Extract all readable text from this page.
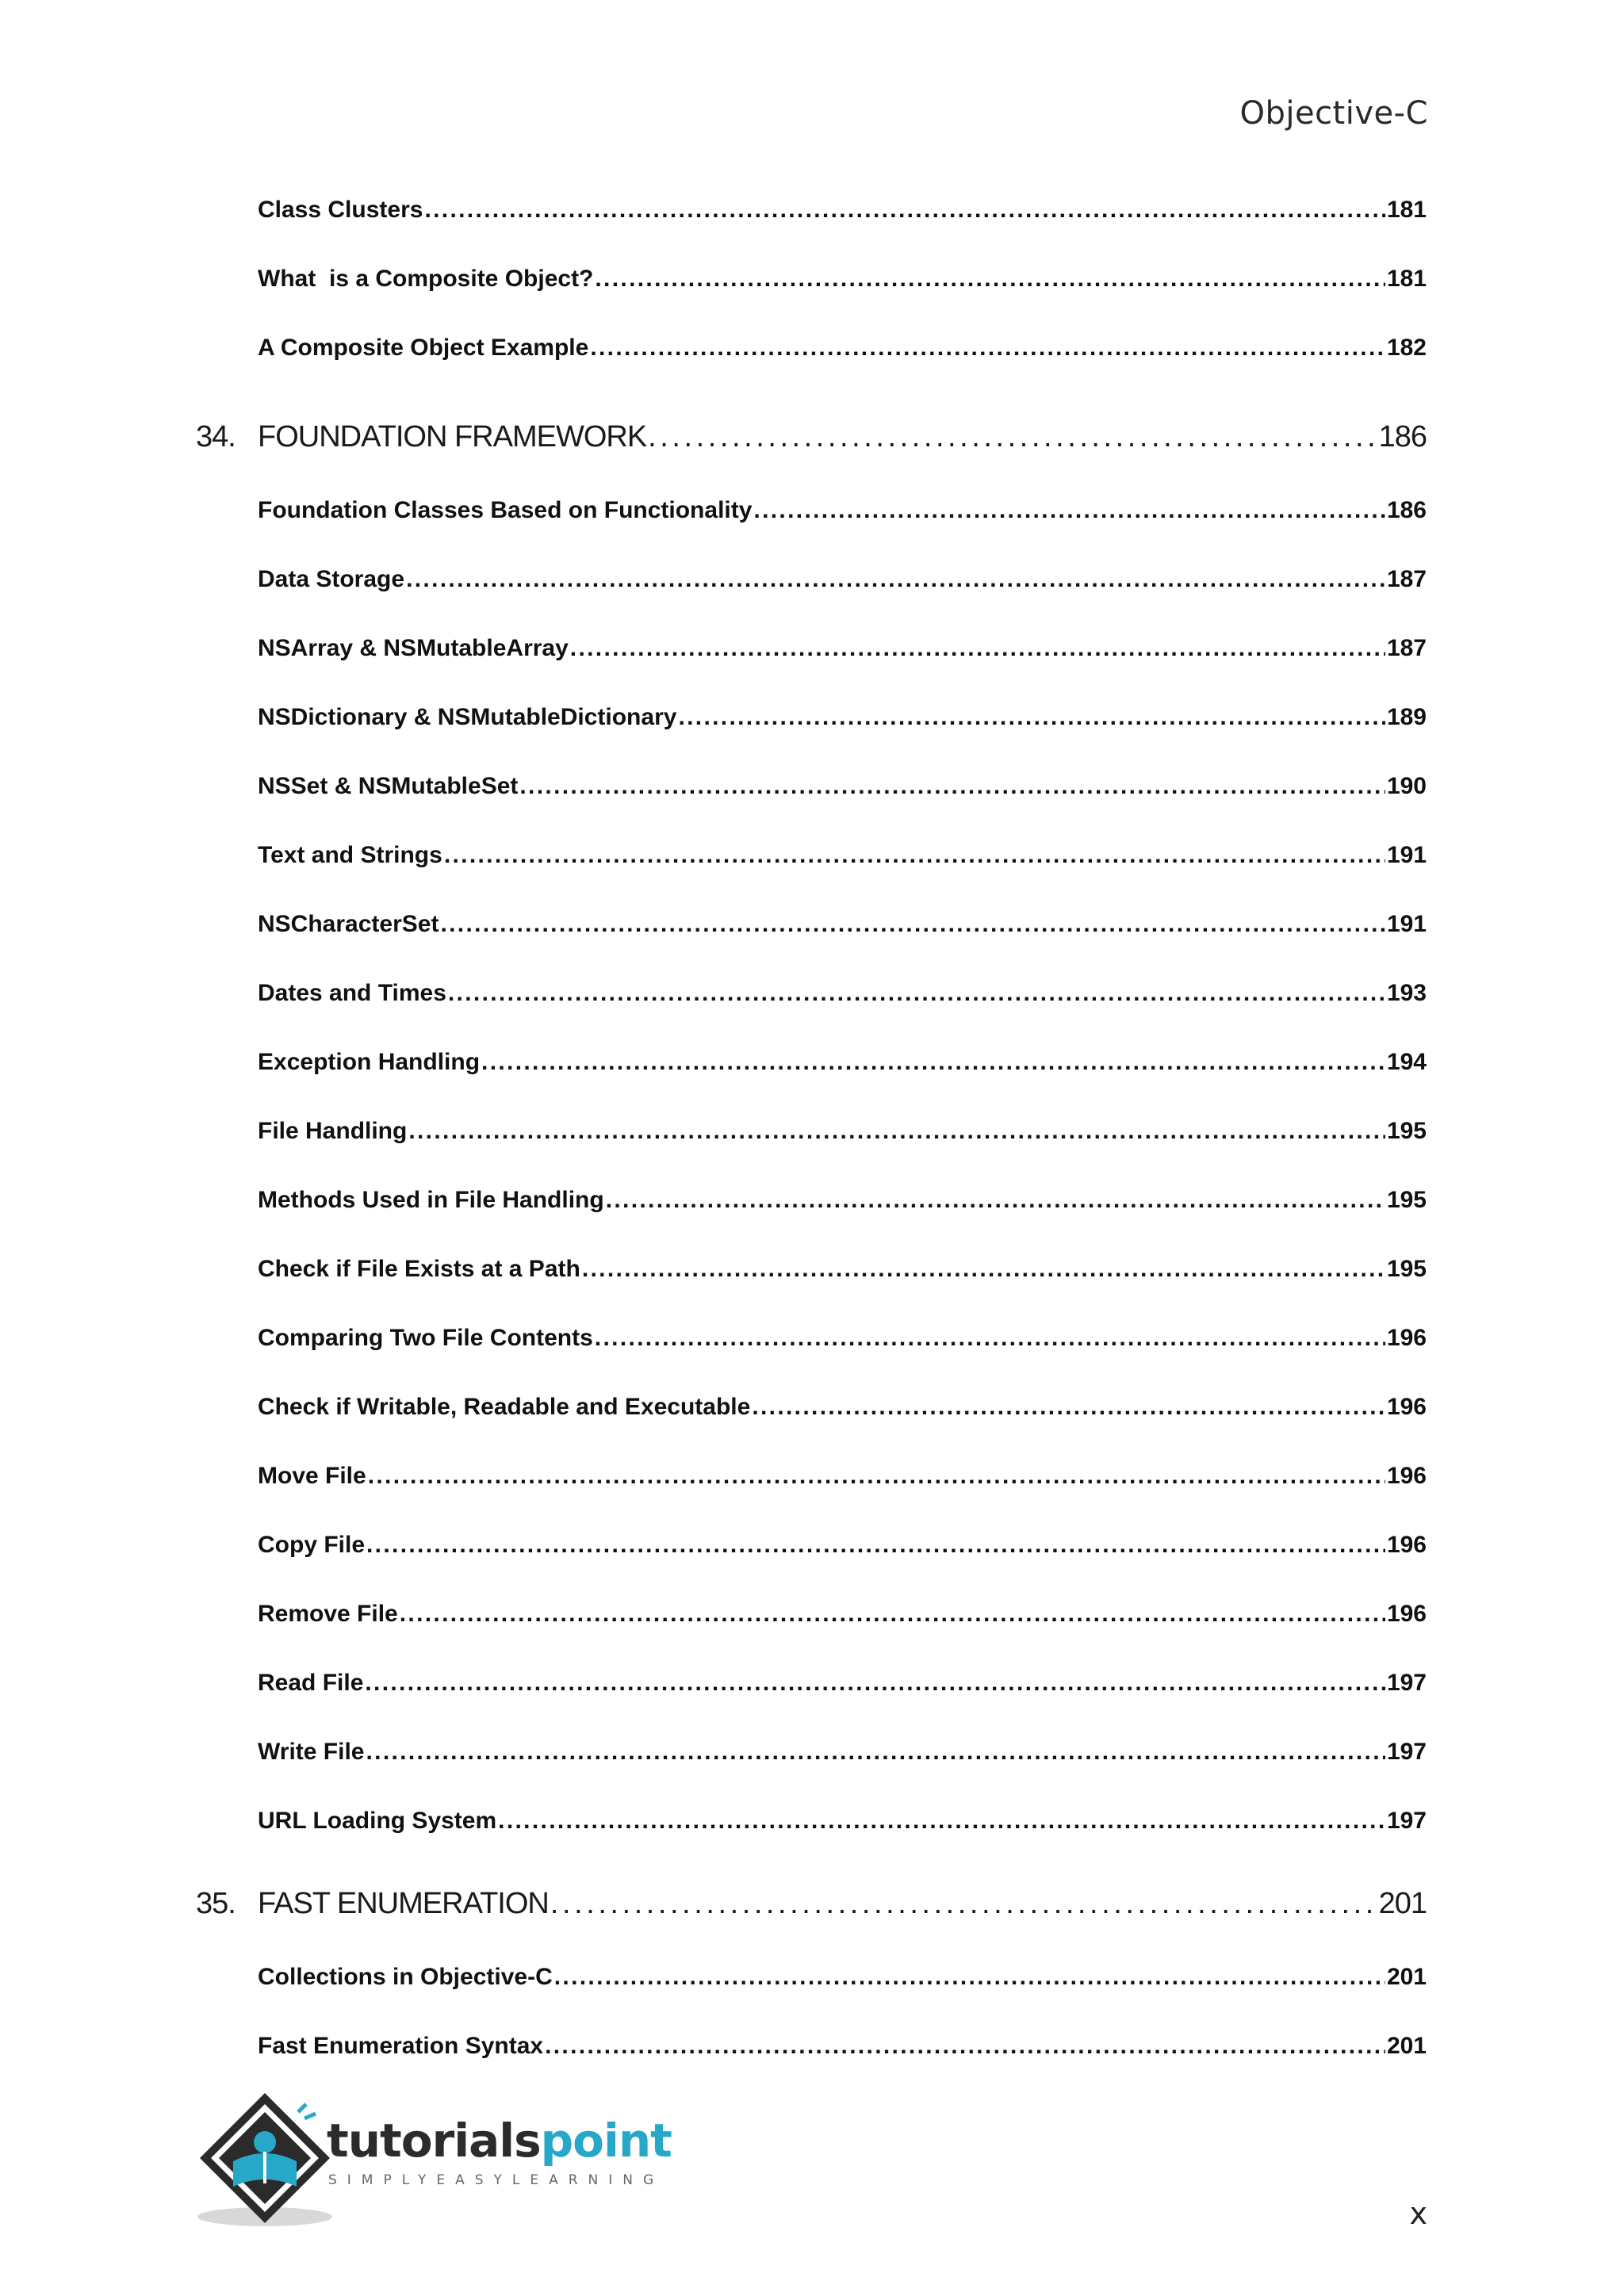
Objective-C
Class Clusters . . .	181
What  is a Composite Object? . . .	181
A Composite Object Example . . .	182
34. FOUNDATION FRAMEWORK . . .	186
Foundation Classes Based on Functionality . . .	186
Data Storage . . .	187
NSArray & NSMutableArray . . .	187
NSDictionary & NSMutableDictionary . . .	189
NSSet & NSMutableSet . . .	190
Text and Strings . . .	191
NSCharacterSet . . .	191
Dates and Times . . .	193
Exception Handling . . .	194
File Handling . . .	195
Methods Used in File Handling . . .	195
Check if File Exists at a Path . . .	195
Comparing Two File Contents . . .	196
Check if Writable, Readable and Executable . . .	196
Move File . . .	196
Copy File . . .	196
Remove File . . .	196
Read File . . .	197
Write File . . .	197
URL Loading System . . .	197
35. FAST ENUMERATION . . .	201
Collections in Objective-C . . .	201
Fast Enumeration Syntax . . .	201
tutorialspoint
SIMPLYEASYLEARNING
x
